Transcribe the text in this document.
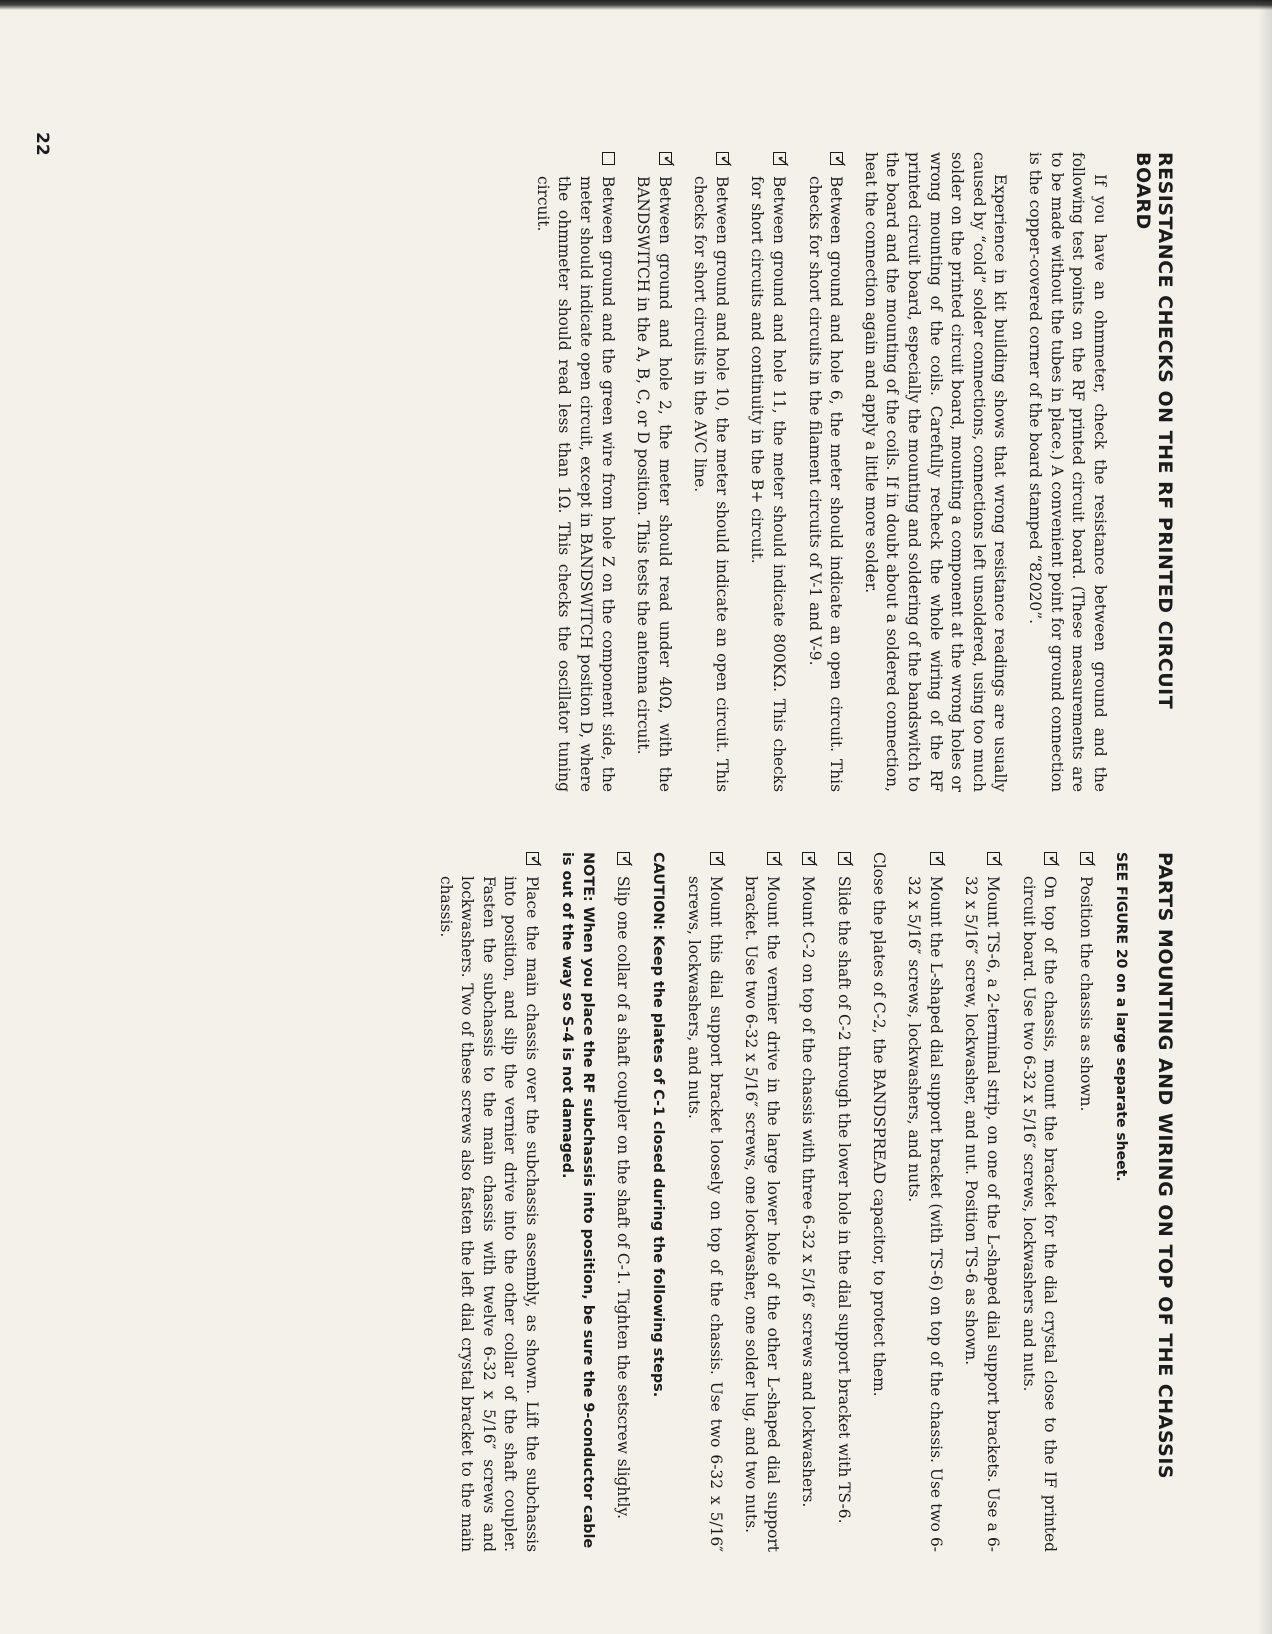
22
RESISTANCE CHECKS ON THE RF PRINTED CIRCUIT BOARD

If you have an ohmmeter, check the resistance between ground and the following test points on the RF printed circuit board. (These measurements are to be made without the tubes in place.) A convenient point for ground connection is the copper-covered corner of the board stamped “82020”.

Experience in kit building shows that wrong resistance readings are usually caused by “cold” solder connections, connections left unsoldered, using too much solder on the printed circuit board, mounting a component at the wrong holes or wrong mounting of the coils. Carefully recheck the whole wiring of the RF printed circuit board, especially the mounting and soldering of the bandswitch to the board and the mounting of the coils. If in doubt about a soldered connection, heat the connection again and apply a little more solder.

✓
Between ground and hole 6, the meter should indicate an open circuit. This checks for short circuits in the filament circuits of V-1 and V-9.
✓
Between ground and hole 11, the meter should indicate 800KΩ. This checks for short circuits and continuity in the B+ circuit.
✓
Between ground and hole 10, the meter should indicate an open circuit. This checks for short circuits in the AVC line.
✓
Between ground and hole 2, the meter should read under 40Ω, with the BANDSWITCH in the A, B, C, or D position. This tests the antenna circuit.
Between ground and the green wire from hole Z on the component side, the meter should indicate open circuit, except in BANDSWITCH position D, where the ohmmeter should read less than 1Ω. This checks the oscillator tuning circuit.
PARTS MOUNTING AND WIRING ON TOP OF THE CHASSIS
SEE FIGURE 20 on a large separate sheet.
✓
Position the chassis as shown.
✓
On top of the chassis, mount the bracket for the dial crystal close to the IF printed circuit board. Use two 6-32 x 5/16″ screws, lockwashers and nuts.
✓
Mount TS-6, a 2-terminal strip, on one of the L-shaped dial support brackets. Use a 6-32 x 5/16″ screw, lockwasher, and nut. Position TS-6 as shown.
✓
Mount the L-shaped dial support bracket (with TS-6) on top of the chassis. Use two 6-32 x 5/16″ screws, lockwashers, and nuts.

Close the plates of C-2, the BANDSPREAD capacitor, to protect them.

✓
Slide the shaft of C-2 through the lower hole in the dial support bracket with TS-6.
✓
Mount C-2 on top of the chassis with three 6-32 x 5/16″ screws and lockwashers.
✓
Mount the vernier drive in the large lower hole of the other L-shaped dial support bracket. Use two 6-32 x 5/16″ screws, one lockwasher, one solder lug, and two nuts.
✓
Mount this dial support bracket loosely on top of the chassis. Use two 6-32 x 5/16″ screws, lockwashers, and nuts.
CAUTION: Keep the plates of C-1 closed during the following steps.
✓
Slip one collar of a shaft coupler on the shaft of C-1. Tighten the setscrew slightly.
NOTE: When you place the RF subchassis into position, be sure the 9-conductor cable is out of the way so S-4 is not damaged.
✓
Place the main chassis over the subchassis assembly, as shown. Lift the subchassis into position, and slip the vernier drive into the other collar of the shaft coupler. Fasten the subchassis to the main chassis with twelve 6-32 x 5/16″ screws and lockwashers. Two of these screws also fasten the left dial crystal bracket to the main chassis.
